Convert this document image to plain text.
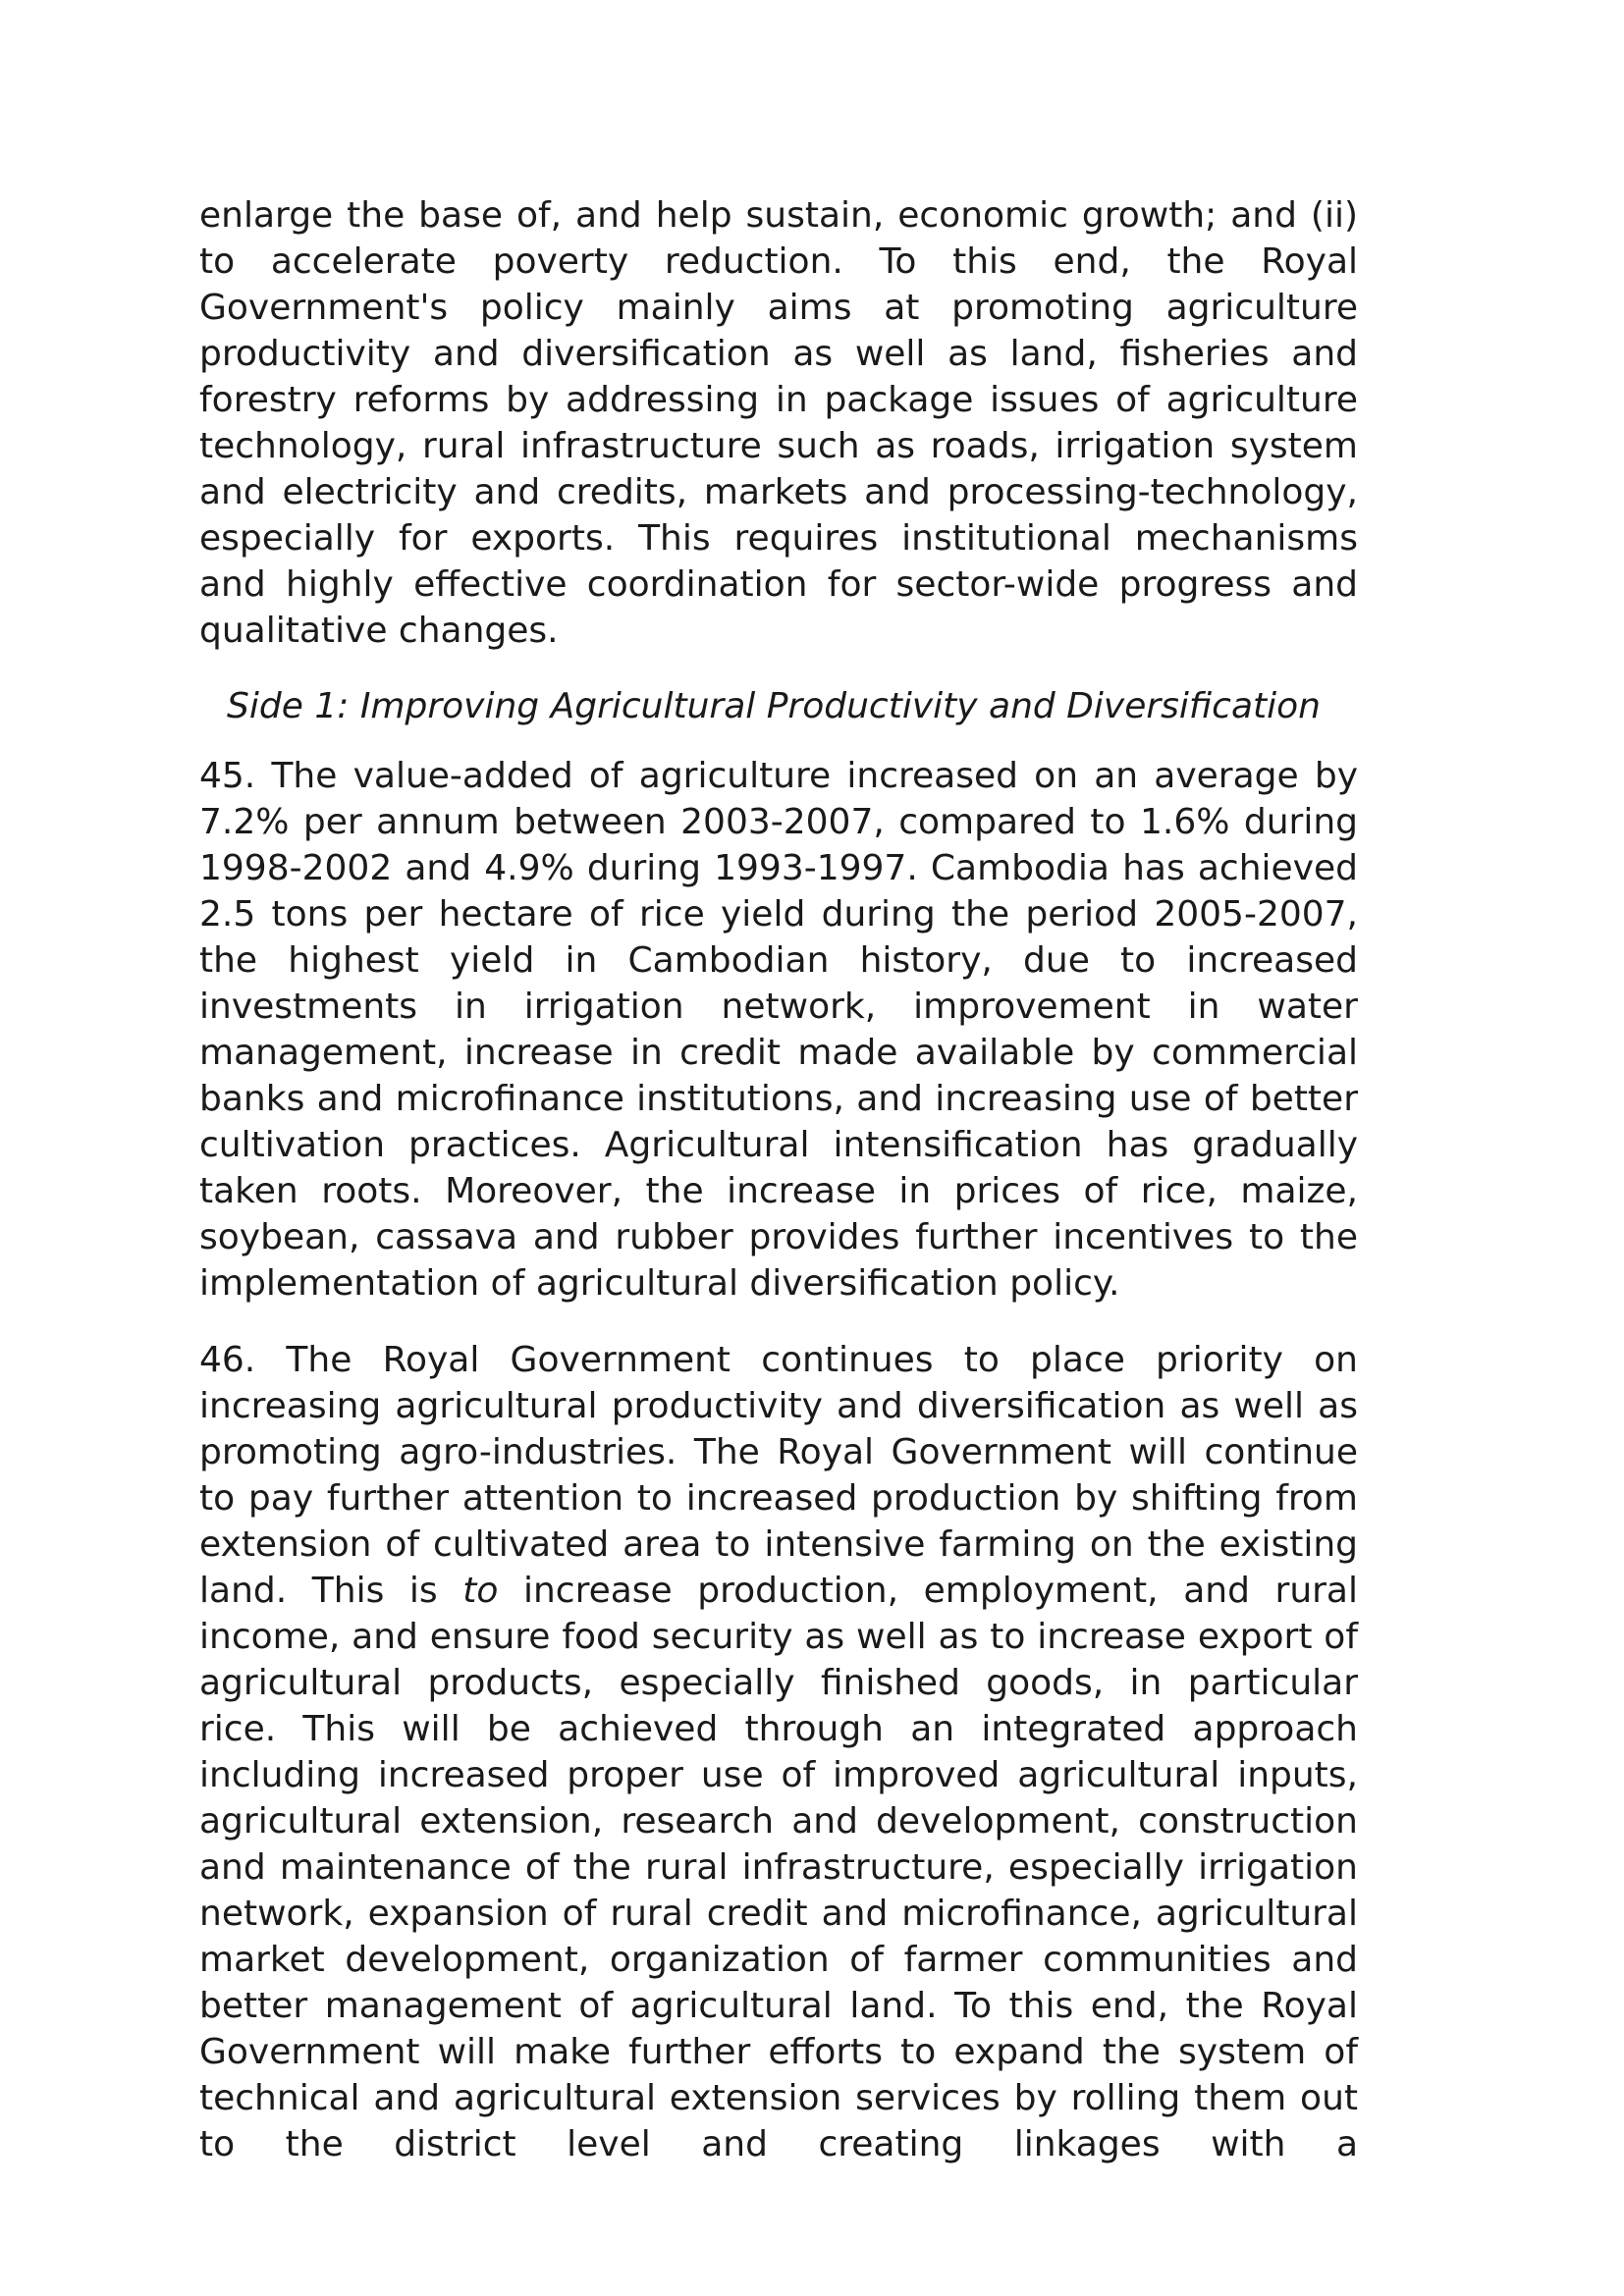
enlarge the base of, and help sustain, economic growth; and (ii) to accelerate poverty reduction. To this end, the Royal Government's policy mainly aims at promoting agriculture productivity and diversification as well as land, fisheries and forestry reforms by addressing in package issues of agriculture technology, rural infrastructure such as roads, irrigation system and electricity and credits, markets and processing-technology, especially for exports. This requires institutional mechanisms and highly effective coordination for sector-wide progress and qualitative changes.

Side 1: Improving Agricultural Productivity and Diversification

45. The value-added of agriculture increased on an average by 7.2% per annum between 2003-2007, compared to 1.6% during 1998-2002 and 4.9% during 1993-1997. Cambodia has achieved 2.5 tons per hectare of rice yield during the period 2005-2007, the highest yield in Cambodian history, due to increased investments in irrigation network, improvement in water management, increase in credit made available by commercial banks and microfinance institutions, and increasing use of better cultivation practices. Agricultural intensification has gradually taken roots. Moreover, the increase in prices of rice, maize, soybean, cassava and rubber provides further incentives to the implementation of agricultural diversification policy.

46. The Royal Government continues to place priority on increasing agricultural productivity and diversification as well as promoting agro-industries. The Royal Government will continue to pay further attention to increased production by shifting from extension of cultivated area to intensive farming on the existing land. This is to increase production, employment, and rural income, and ensure food security as well as to increase export of agricultural products, especially finished goods, in particular rice. This will be achieved through an integrated approach including increased proper use of improved agricultural inputs, agricultural extension, research and development, construction and maintenance of the rural infrastructure, especially irrigation network, expansion of rural credit and microfinance, agricultural market development, organization of farmer communities and better management of agricultural land. To this end, the Royal Government will make further efforts to expand the system of technical and agricultural extension services by rolling them out to the district level and creating linkages with a
